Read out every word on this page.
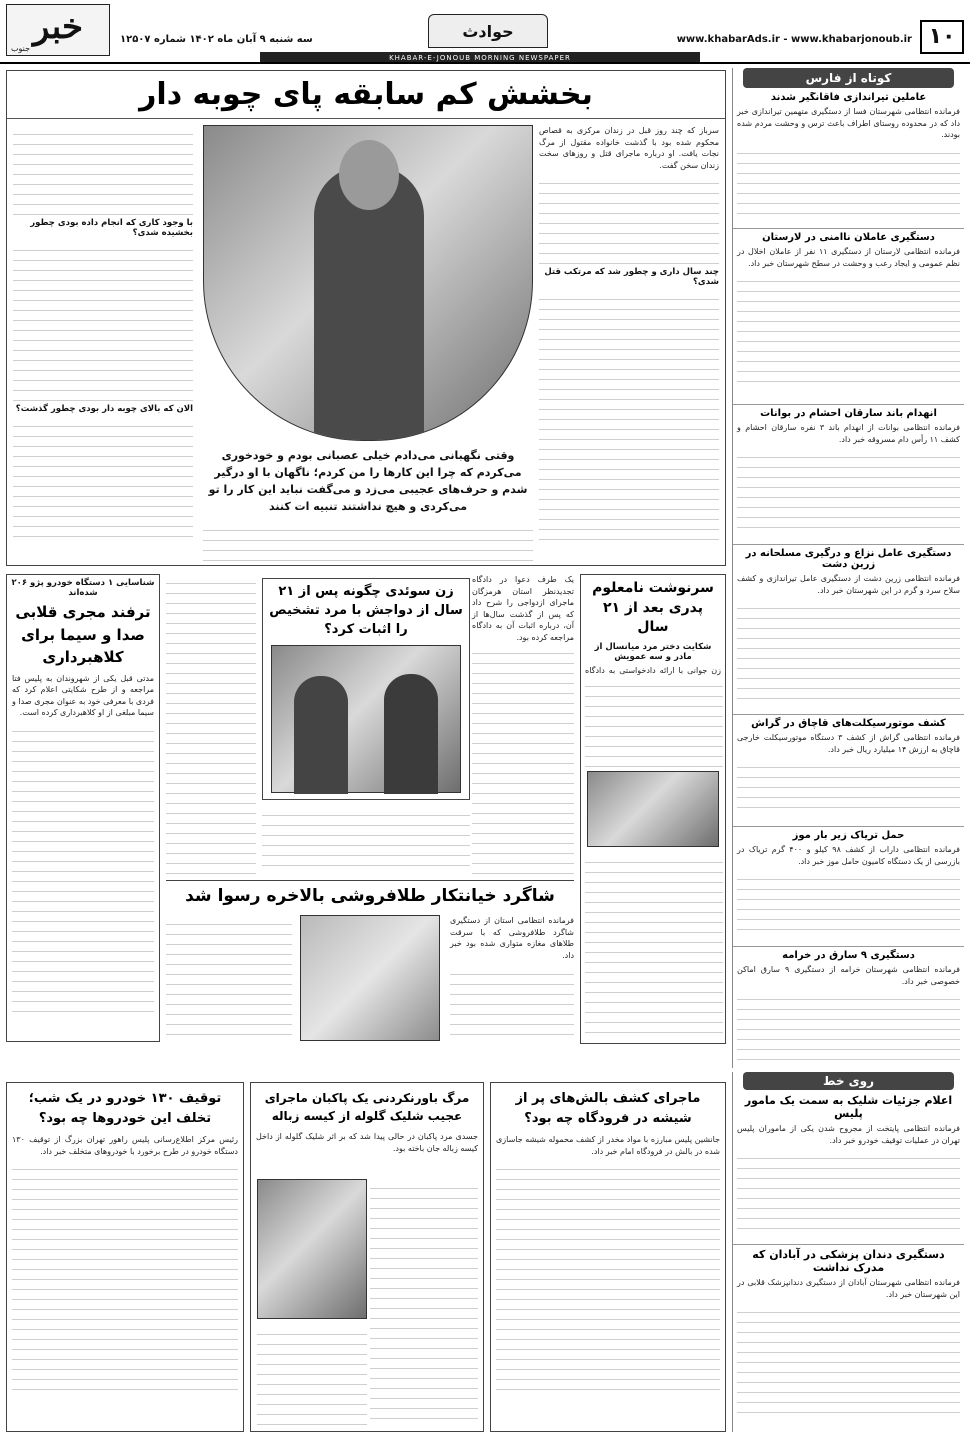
۱۰
www.khabarAds.ir - www.khabarjonoub.ir
حوادث
سه شنبه ۹ آبان ماه ۱۴۰۲ شماره ۱۲۵۰۷
خبر
جنوب
KHABAR-E-JONOUB MORNING NEWSPAPER
کوتاه از فارس
عاملین تیراندازی فاقانگیر شدند
فرمانده انتظامی شهرستان فسا از دستگیری متهمین تیراندازی خبر داد که در محدوده روستای اطراف باعث ترس و وحشت مردم شده بودند.
دستگیری عاملان ناامنی در لارستان
فرمانده انتظامی لارستان از دستگیری ۱۱ نفر از عاملان اخلال در نظم عمومی و ایجاد رعب و وحشت در سطح شهرستان خبر داد.
انهدام باند سارقان احشام در بوانات
فرمانده انتظامی بوانات از انهدام باند ۳ نفره سارقان احشام و کشف ۱۱ رأس دام مسروقه خبر داد.
دستگیری عامل نزاع و درگیری مسلحانه در زرین دشت
فرمانده انتظامی زرین دشت از دستگیری عامل تیراندازی و کشف سلاح سرد و گرم در این شهرستان خبر داد.
کشف موتورسیکلت‌های قاچاق در گراش
فرمانده انتظامی گراش از کشف ۳ دستگاه موتورسیکلت خارجی قاچاق به ارزش ۱۴ میلیارد ریال خبر داد.
حمل تریاک زیر بار موز
فرمانده انتظامی داراب از کشف ۹۸ کیلو و ۴۰۰ گرم تریاک در بازرسی از یک دستگاه کامیون حامل موز خبر داد.
دستگیری ۹ سارق در خرامه
فرمانده انتظامی شهرستان خرامه از دستگیری ۹ سارق اماکن خصوصی خبر داد.
روی خط
اعلام جزئیات شلیک به سمت یک مامور پلیس
فرمانده انتظامی پایتخت از مجروح شدن یکی از ماموران پلیس تهران در عملیات توقیف خودرو خبر داد.
دستگیری دندان پزشکی در آبادان که مدرک نداشت
فرمانده انتظامی شهرستان آبادان از دستگیری دندانپزشک قلابی در این شهرستان خبر داد.
بخشش کم سابقه پای چوبه دار
سرباز که چند روز قبل در زندان مرکزی به قصاص محکوم شده بود با گذشت خانواده مقتول از مرگ نجات یافت. او درباره ماجرای قتل و روزهای سخت زندان سخن گفت.
چند سال داری و چطور شد که مرتکب قتل شدی؟
وقتی نگهبانی می‌دادم خیلی عصبانی بودم و خودخوری می‌کردم که چرا این کارها را من کردم؛ ناگهان با او درگیر شدم و حرف‌های عجیبی می‌زد و می‌گفت نباید این کار را تو می‌کردی و هیچ نداشتند تنبیه ات کنند
با وجود کاری که انجام داده بودی چطور بخشیده شدی؟
الان که بالای چوبه دار بودی چطور گذشت؟
سرنوشت نامعلوم پدری بعد از ۲۱ سال
شکایت دختر مرد میانسال از مادر و سه عمویش
زن جوانی با ارائه دادخواستی به دادگاه
یک طرف دعوا در دادگاه تجدیدنظر استان هرمزگان ماجرای ازدواجی را شرح داد که پس از گذشت سال‌ها از آن، درباره اثبات آن به دادگاه مراجعه کرده بود.
زن سوئدی چگونه پس از ۲۱ سال از دواجش با مرد تشخیص را اثبات کرد؟
شناسایی ۱ دستگاه خودرو پژو ۲۰۶ شده‌اند
ترفند مجری قلابی صدا و سیما برای کلاهبرداری
مدتی قبل یکی از شهروندان به پلیس فتا مراجعه و از طرح شکایتی اعلام کرد که فردی با معرفی خود به عنوان مجری صدا و سیما مبلغی از او کلاهبرداری کرده است.
شاگرد خیانتکار طلافروشی بالاخره رسوا شد
فرمانده انتظامی استان از دستگیری شاگرد طلافروشی که با سرقت طلاهای مغازه متواری شده بود خبر داد.
ماجرای کشف بالش‌های پر از شیشه در فرودگاه چه بود؟
جانشین پلیس مبارزه با مواد مخدر از کشف محموله شیشه جاسازی شده در بالش در فرودگاه امام خبر داد.
مرگ باورنکردنی یک پاکبان ماجرای عجیب شلیک گلوله از کیسه زباله
جسدی مرد پاکبان در حالی پیدا شد که بر اثر شلیک گلوله از داخل کیسه زباله جان باخته بود.
توقیف ۱۳۰ خودرو در یک شب؛ تخلف این خودروها چه بود؟
رئیس مرکز اطلاع‌رسانی پلیس راهور تهران بزرگ از توقیف ۱۳۰ دستگاه خودرو در طرح برخورد با خودروهای متخلف خبر داد.
